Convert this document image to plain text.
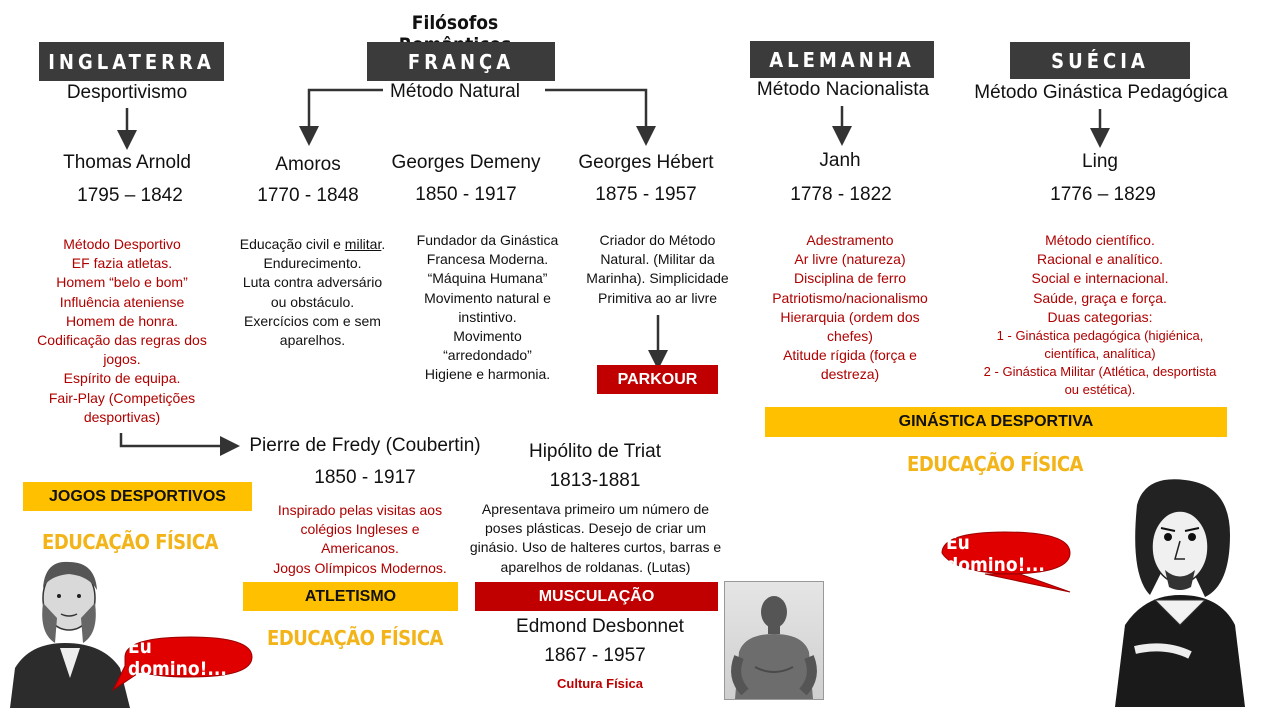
Filósofos
INGLATERRA	FRANÇA	ALEMANHA	SUÉCIA
Desportivismo	Método Natural	Método Nacionalista	Método Ginástica Pedagógica
Thomas Arnold
1795 – 1842
Método Desportivo
EF fazia atletas.
Homem “belo e bom”
Influência ateniense
Homem de honra.
Codificação das regras dos
jogos.
Espírito de equipa.
Fair-Play (Competições
desportivas)
Amoros
1770 - 1848
Educação civil e militar.
Endurecimento.
Luta contra adversário
ou obstáculo.
Exercícios com e sem
aparelhos.
Georges Demeny
1850 - 1917
Fundador da Ginástica
Francesa Moderna.
“Máquina Humana”
Movimento natural e
instintivo.
Movimento
“arredondado”
Higiene e harmonia.
Georges Hébert
1875 - 1957
Criador do Método
Natural. (Militar da
Marinha). Simplicidade
Primitiva ao ar livre
PARKOUR
Janh
1778 - 1822
Adestramento
Ar livre (natureza)
Disciplina de ferro
Patriotismo/nacionalismo
Hierarquia (ordem dos
chefes)
Atitude rígida (força e
destreza)
Ling
1776 – 1829
Método científico.
Racional e analítico.
Social e internacional.
Saúde, graça e força.
Duas categorias:
1 - Ginástica pedagógica (higiénica,
científica, analítica)
2 - Ginástica Militar (Atlética, desportista
ou estética).
GINÁSTICA DESPORTIVA
EDUCAÇÃO FÍSICA
Pierre de Fredy (Coubertin)
1850 - 1917
Inspirado pelas visitas aos
colégios Ingleses e
Americanos.
Jogos Olímpicos Modernos.
ATLETISMO
EDUCAÇÃO FÍSICA
Hipólito de Triat
1813-1881
Apresentava primeiro um número de
poses plásticas. Desejo de criar um
ginásio. Uso de halteres curtos, barras e
aparelhos de roldanas. (Lutas)
MUSCULAÇÃO
Edmond Desbonnet
1867 - 1957
Cultura Física
JOGOS DESPORTIVOS
EDUCAÇÃO FÍSICA
Eu domino!...
Eu domino!...
